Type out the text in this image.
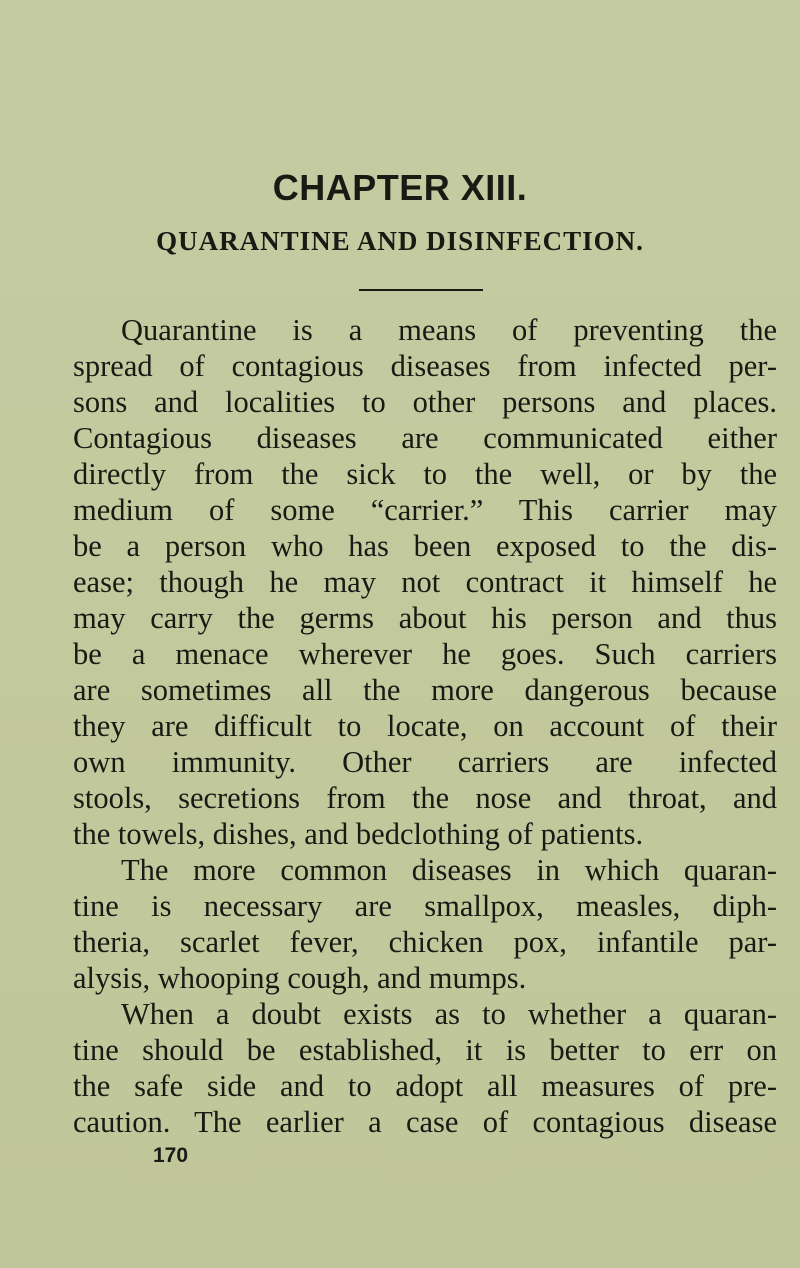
CHAPTER XIII.
QUARANTINE AND DISINFECTION.
Quarantine is a means of preventing the
spread of contagious diseases from infected per-
sons and localities to other persons and places.
Contagious diseases are communicated either
directly from the sick to the well, or by the
medium of some “carrier.” This carrier may
be a person who has been exposed to the dis-
ease; though he may not contract it himself he
may carry the germs about his person and thus
be a menace wherever he goes. Such carriers
are sometimes all the more dangerous because
they are difficult to locate, on account of their
own immunity. Other carriers are infected
stools, secretions from the nose and throat, and
the towels, dishes, and bedclothing of patients.
The more common diseases in which quaran-
tine is necessary are smallpox, measles, diph-
theria, scarlet fever, chicken pox, infantile par-
alysis, whooping cough, and mumps.
When a doubt exists as to whether a quaran-
tine should be established, it is better to err on
the safe side and to adopt all measures of pre-
caution. The earlier a case of contagious disease
170
